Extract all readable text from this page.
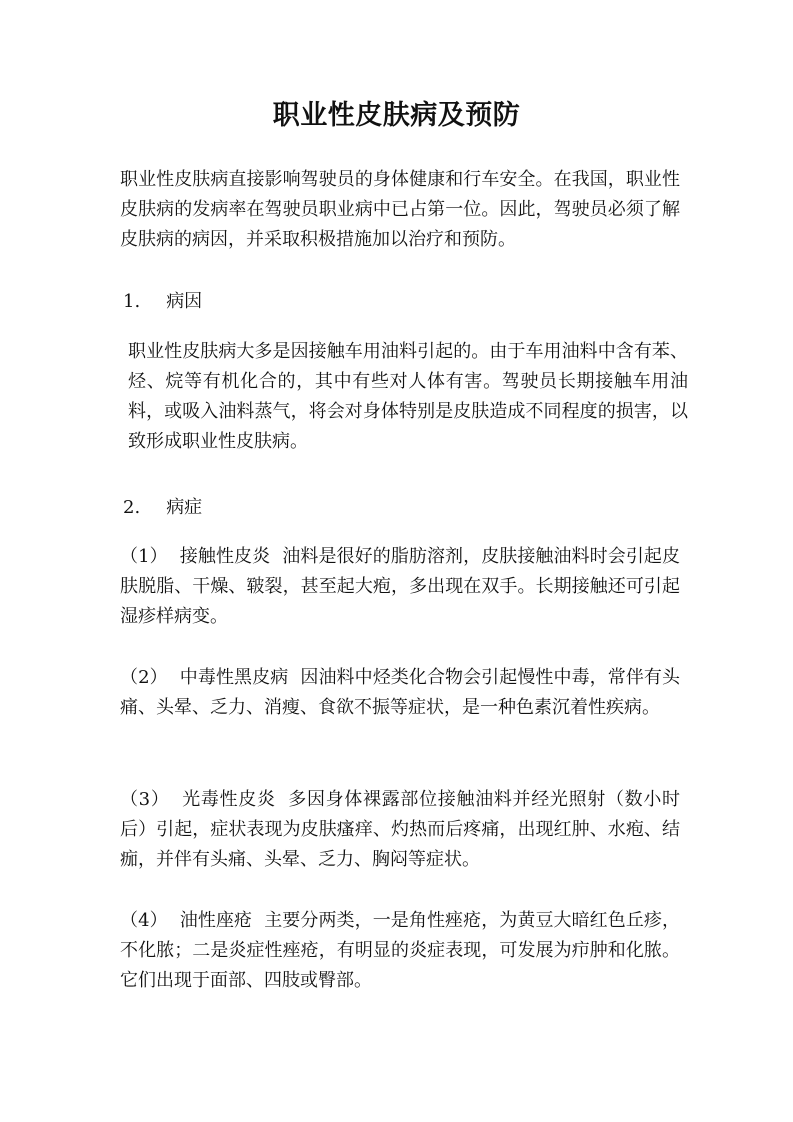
职业性皮肤病及预防

职业性皮肤病直接影响驾驶员的身体健康和行车安全。在我国，职业性皮肤病的发病率在驾驶员职业病中已占第一位。因此，驾驶员必须了解皮肤病的病因，并采取积极措施加以治疗和预防。

1. 病因

职业性皮肤病大多是因接触车用油料引起的。由于车用油料中含有苯、烃、烷等有机化合的，其中有些对人体有害。驾驶员长期接触车用油料，或吸入油料蒸气，将会对身体特别是皮肤造成不同程度的损害，以致形成职业性皮肤病。

2. 病症

（1） 接触性皮炎 油料是很好的脂肪溶剂，皮肤接触油料时会引起皮肤脱脂、干燥、皲裂，甚至起大疱，多出现在双手。长期接触还可引起湿疹样病变。

（2） 中毒性黑皮病 因油料中烃类化合物会引起慢性中毒，常伴有头痛、头晕、乏力、消瘦、食欲不振等症状，是一种色素沉着性疾病。

（3） 光毒性皮炎 多因身体裸露部位接触油料并经光照射（数小时后）引起，症状表现为皮肤瘙痒、灼热而后疼痛，出现红肿、水疱、结痂，并伴有头痛、头晕、乏力、胸闷等症状。

（4） 油性座疮 主要分两类，一是角性痤疮，为黄豆大暗红色丘疹，不化脓；二是炎症性痤疮，有明显的炎症表现，可发展为疖肿和化脓。它们出现于面部、四肢或臀部。
